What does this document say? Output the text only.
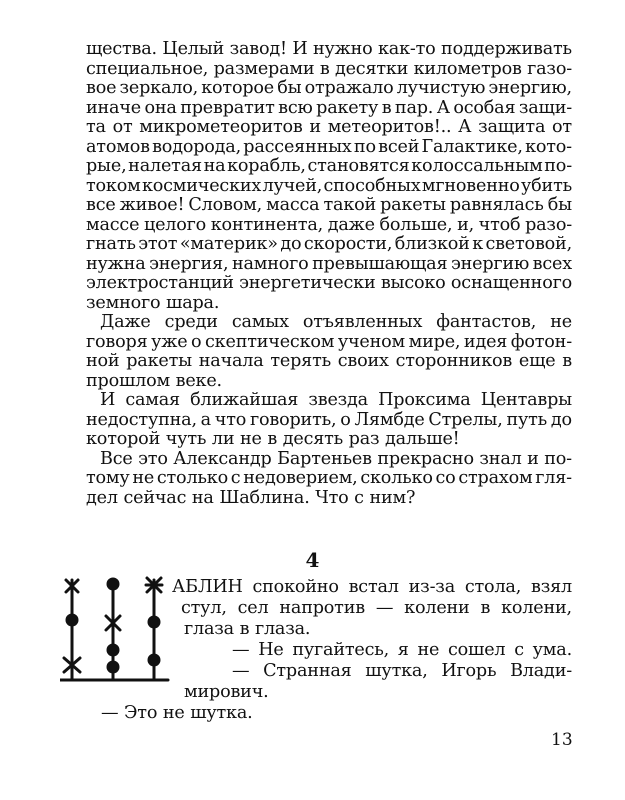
щества. Целый завод! И нужно как-то поддерживать
специальное, размерами в десятки километров газо-
вое зеркало, которое бы отражало лучистую энергию,
иначе она превратит всю ракету в пар. А особая защи-
та от микрометеоритов и метеоритов!.. А защита от
атомов водорода, рассеянных по всей Галактике, кото-
рые, налетая на корабль, становятся колоссальным по-
током космических лучей, способных мгновенно убить
все живое! Словом, масса такой ракеты равнялась бы
массе целого континента, даже больше, и, чтоб разо-
гнать этот «материк» до скорости, близкой к световой,
нужна энергия, намного превышающая энергию всех
электростанций энергетически высоко оснащенного
земного шара.
Даже среди самых отъявленных фантастов, не
говоря уже о скептическом ученом мире, идея фотон-
ной ракеты начала терять своих сторонников еще в
прошлом веке.
И самая ближайшая звезда Проксима Центавры
недоступна, а что говорить, о Лямбде Стрелы, путь до
которой чуть ли не в десять раз дальше!
Все это Александр Бартеньев прекрасно знал и по-
тому не столько с недоверием, сколько со страхом гля-
дел сейчас на Шаблина. Что с ним?
4
АБЛИН спокойно встал из-за стола, взял
стул, сел напротив — колени в колени,
глаза в глаза.
— Не пугайтесь, я не сошел с ума.
— Странная шутка, Игорь Влади-
мирович.
— Это не шутка.
13
